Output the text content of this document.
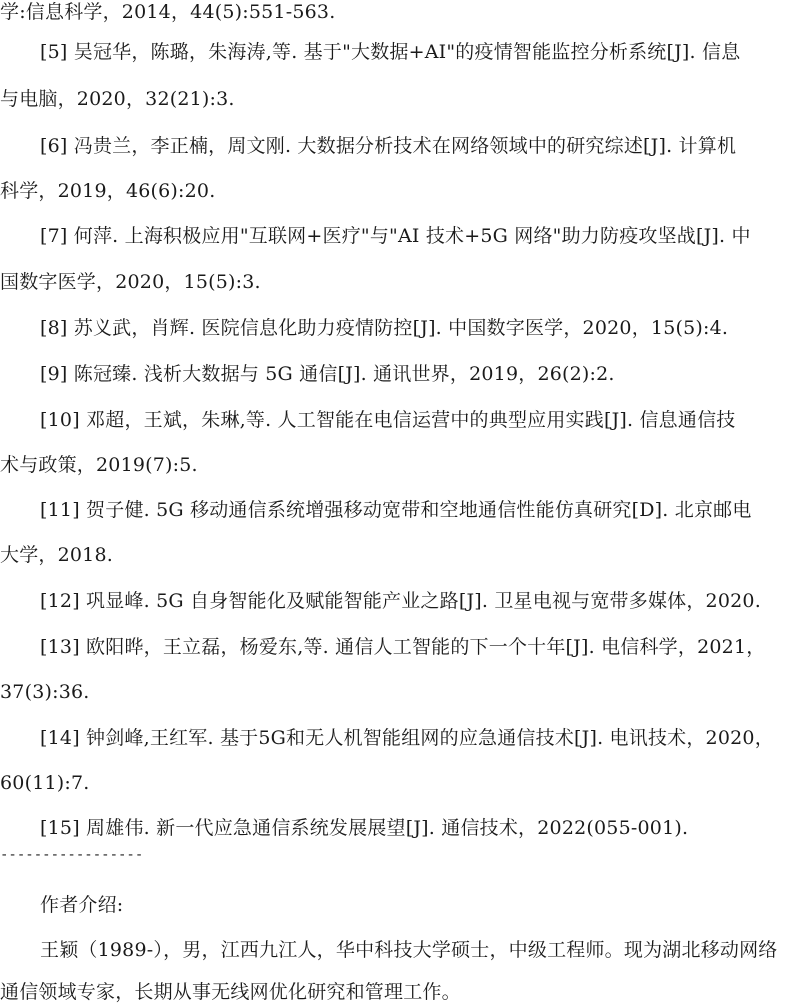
学:信息科学，2014，44(5):551-563.
[5] 吴冠华，陈璐，朱海涛,等. 基于"大数据+AI"的疫情智能监控分析系统[J]. 信息
与电脑，2020，32(21):3.
[6] 冯贵兰，李正楠，周文刚. 大数据分析技术在网络领域中的研究综述[J]. 计算机
科学，2019，46(6):20.
[7] 何萍. 上海积极应用"互联网+医疗"与"AI 技术+5G 网络"助力防疫攻坚战[J]. 中
国数字医学，2020，15(5):3.
[8] 苏义武，肖辉. 医院信息化助力疫情防控[J]. 中国数字医学，2020，15(5):4.
[9] 陈冠臻. 浅析大数据与 5G 通信[J]. 通讯世界，2019，26(2):2.
[10] 邓超，王斌，朱琳,等. 人工智能在电信运营中的典型应用实践[J]. 信息通信技
术与政策，2019(7):5.
[11] 贺子健. 5G 移动通信系统增强移动宽带和空地通信性能仿真研究[D]. 北京邮电
大学，2018.
[12] 巩显峰. 5G 自身智能化及赋能智能产业之路[J]. 卫星电视与宽带多媒体，2020.
[13] 欧阳晔，王立磊，杨爱东,等. 通信人工智能的下一个十年[J]. 电信科学，2021，
37(3):36.
[14] 钟剑峰,王红军. 基于5G和无人机智能组网的应急通信技术[J]. 电讯技术，2020，
60(11):7.
[15] 周雄伟. 新一代应急通信系统发展展望[J]. 通信技术，2022(055-001).
-----------------
作者介绍:
王颖（1989-），男，江西九江人，华中科技大学硕士，中级工程师。现为湖北移动网络
通信领域专家，长期从事无线网优化研究和管理工作。
